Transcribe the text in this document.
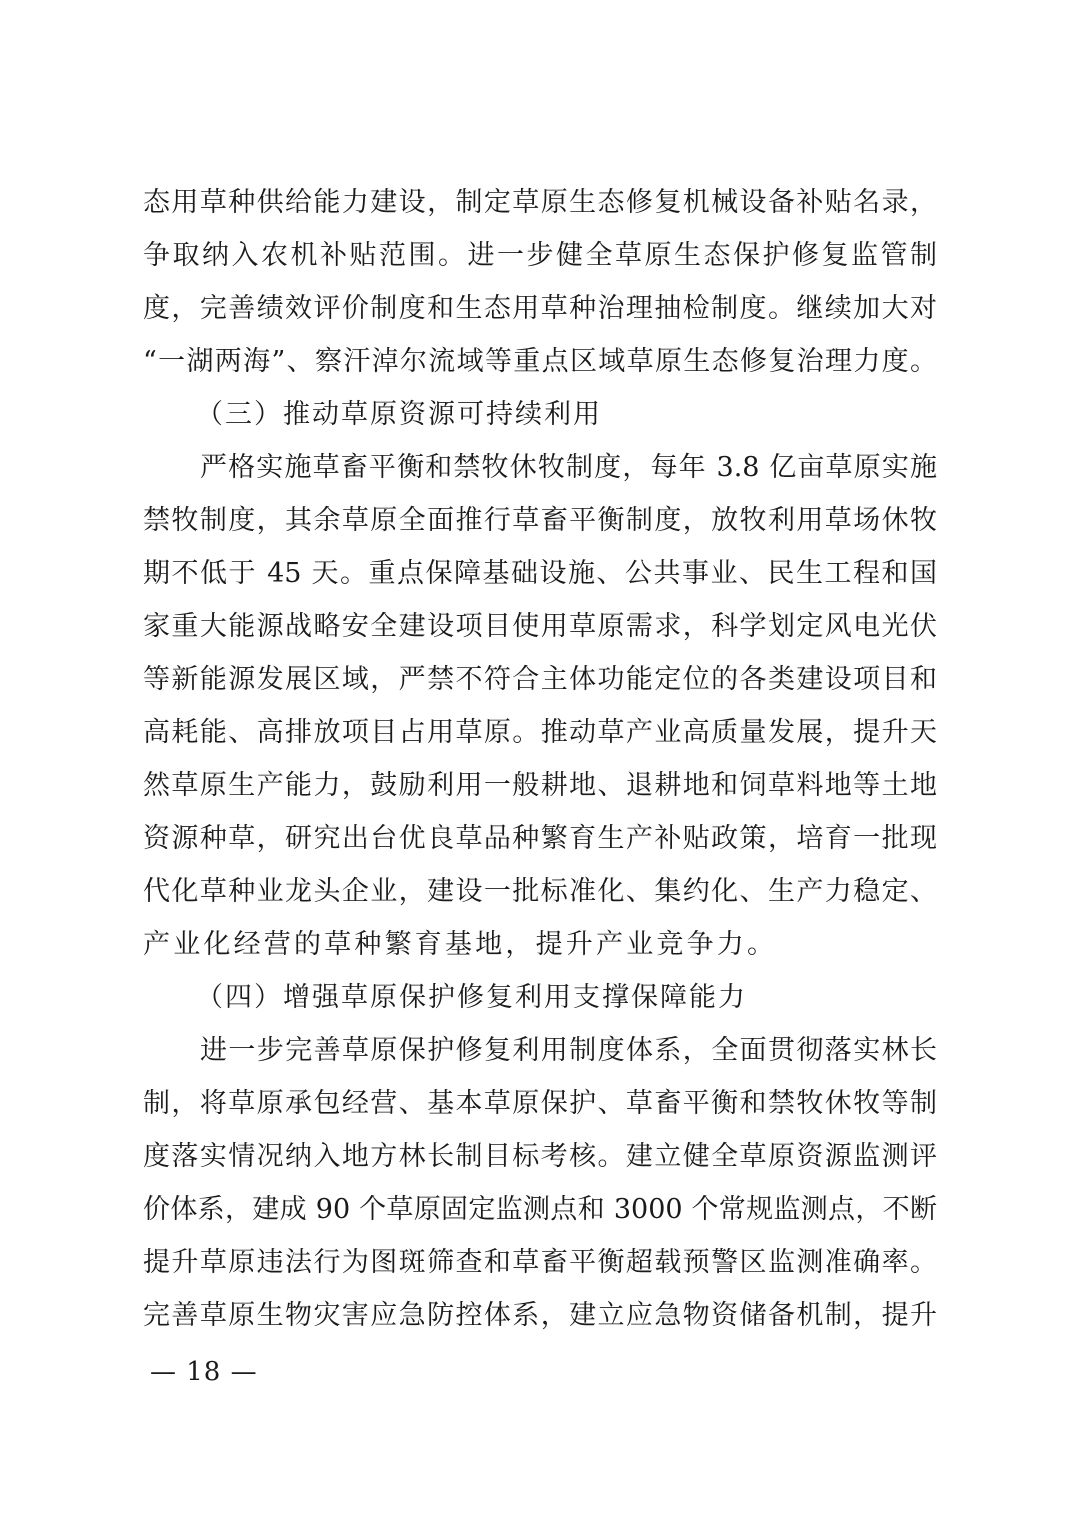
态用草种供给能力建设，制定草原生态修复机械设备补贴名录，
争取纳入农机补贴范围。进一步健全草原生态保护修复监管制
度，完善绩效评价制度和生态用草种治理抽检制度。继续加大对
“一湖两海”、察汗淖尔流域等重点区域草原生态修复治理力度。
（三）推动草原资源可持续利用
严格实施草畜平衡和禁牧休牧制度，每年 3.8 亿亩草原实施
禁牧制度，其余草原全面推行草畜平衡制度，放牧利用草场休牧
期不低于 45 天。重点保障基础设施、公共事业、民生工程和国
家重大能源战略安全建设项目使用草原需求，科学划定风电光伏
等新能源发展区域，严禁不符合主体功能定位的各类建设项目和
高耗能、高排放项目占用草原。推动草产业高质量发展，提升天
然草原生产能力，鼓励利用一般耕地、退耕地和饲草料地等土地
资源种草，研究出台优良草品种繁育生产补贴政策，培育一批现
代化草种业龙头企业，建设一批标准化、集约化、生产力稳定、
产业化经营的草种繁育基地，提升产业竞争力。
（四）增强草原保护修复利用支撑保障能力
进一步完善草原保护修复利用制度体系，全面贯彻落实林长
制，将草原承包经营、基本草原保护、草畜平衡和禁牧休牧等制
度落实情况纳入地方林长制目标考核。建立健全草原资源监测评
价体系，建成 90 个草原固定监测点和 3000 个常规监测点，不断
提升草原违法行为图斑筛查和草畜平衡超载预警区监测准确率。
完善草原生物灾害应急防控体系，建立应急物资储备机制，提升
— 18 —
